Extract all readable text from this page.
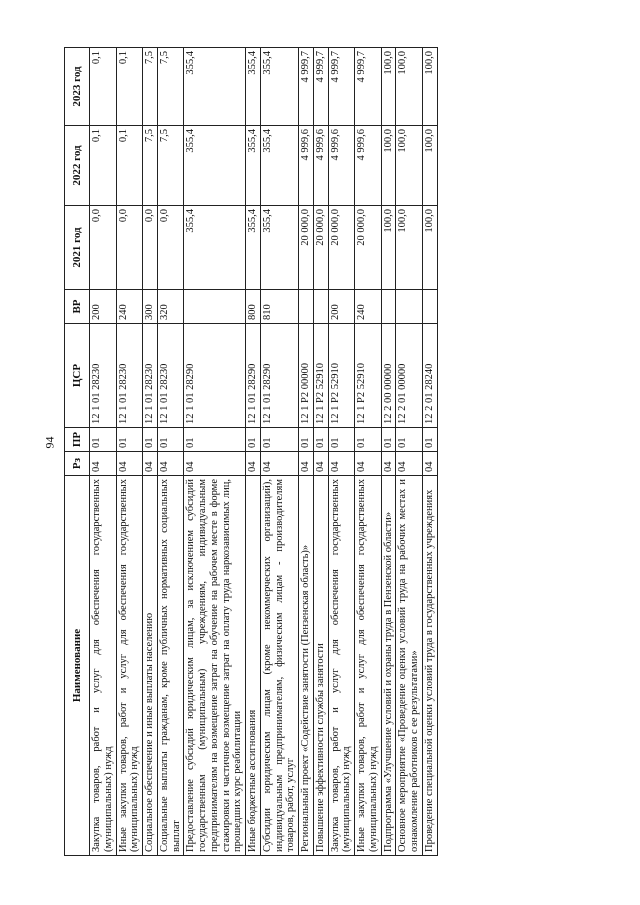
94
Наименование	Рз	ПР	ЦСР	ВР	2021 год	2022 год	2023 год
Закупка товаров, работ и услуг для обеспечения государственных (муниципальных) нужд	04	01	12 1 01 28230	200	0,0	0,1	0,1
Иные закупки товаров, работ и услуг для обеспечения государственных (муниципальных) нужд	04	01	12 1 01 28230	240	0,0	0,1	0,1
Социальное обеспечение и иные выплаты населению	04	01	12 1 01 28230	300	0,0	7,5	7,5
Социальные выплаты гражданам, кроме публичных нормативных социальных выплат	04	01	12 1 01 28230	320	0,0	7,5	7,5
Предоставление субсидий юридическим лицам, за исключением субсидий государственным (муниципальным) учреждениям, индивидуальным предпринимателям на возмещение затрат на обучение на рабочем месте в форме стажировки и частичное возмещение затрат на оплату труда наркозависимых лиц, прошедших курс реабилитации	04	01	12 1 01 28290		355,4	355,4	355,4
Иные бюджетные ассигнования	04	01	12 1 01 28290	800	355,4	355,4	355,4
Субсидии юридическим лицам (кроме некоммерческих организаций), индивидуальным предпринимателям, физическим лицам - производителям товаров, работ, услуг	04	01	12 1 01 28290	810	355,4	355,4	355,4
Региональный проект «Содействие занятости (Пензенская область)»	04	01	12 1 P2 00000		20 000,0	4 999,6	4 999,7
Повышение эффективности службы занятости	04	01	12 1 P2 52910		20 000,0	4 999,6	4 999,7
Закупка товаров, работ и услуг для обеспечения государственных (муниципальных) нужд	04	01	12 1 P2 52910	200	20 000,0	4 999,6	4 999,7
Иные закупки товаров, работ и услуг для обеспечения государственных (муниципальных) нужд	04	01	12 1 P2 52910	240	20 000,0	4 999,6	4 999,7
Подпрограмма «Улучшение условий и охраны труда в Пензенской области»	04	01	12 2 00 00000		100,0	100,0	100,0
Основное мероприятие «Проведение оценки условий труда на рабочих местах и ознакомление работников с ее результатами»	04	01	12 2 01 00000		100,0	100,0	100,0
Проведение специальной оценки условий труда в государственных учреждениях	04	01	12 2 01 28240		100,0	100,0	100,0
